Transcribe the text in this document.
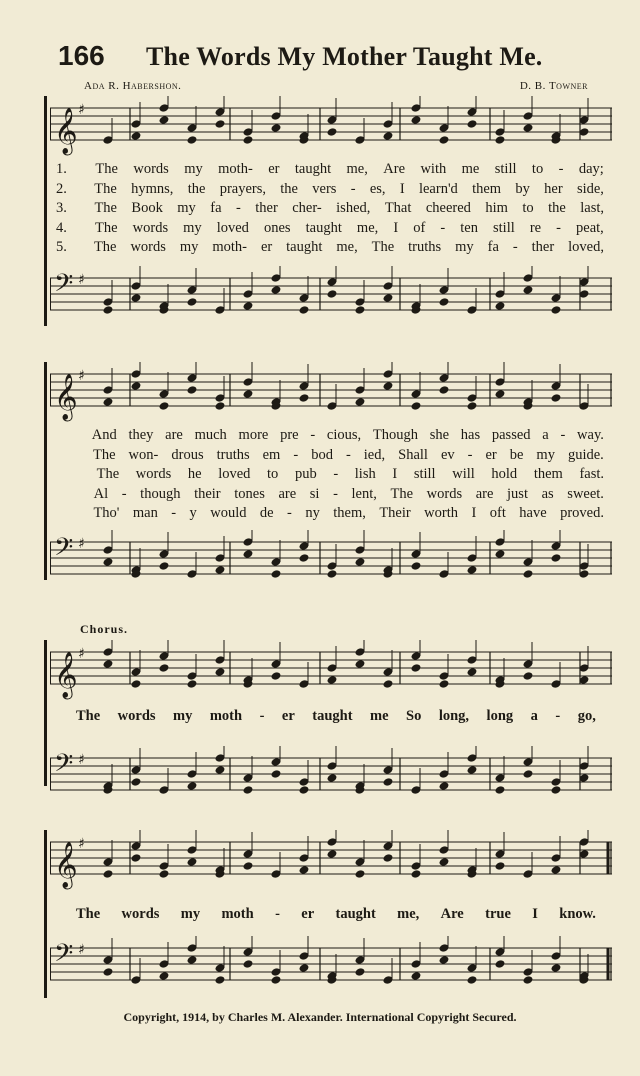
166 The Words My Mother Taught Me.
Ada R. Habershon.	D. B. Towner
𝄞 ♯
1.	The words my moth- er taught me, Are with me still to - day;
2.	The hymns, the prayers, the vers - es, I learn'd them by her side,
3.	The Book my fa - ther cher- ished, That cheered him to the last,
4.	The words my loved ones taught me, I of - ten still re - peat,
5.	The words my moth- er taught me, The truths my fa - ther loved,
𝄢 ♯
𝄞 ♯
And they are much more pre - cious, Though she has passed a - way.
The won- drous truths em - bod - ied, Shall ev - er be my guide.
The words he loved to pub - lish I still will hold them fast.
Al - though their tones are si - lent, The words are just as sweet.
Tho' man - y would de - ny them, Their worth I oft have proved.
𝄢 ♯
Chorus.
𝄞 ♯
The words my moth - er taught me So long, long a - go,
𝄢 ♯
𝄞 ♯
The words my moth - er taught me, Are true I know.
𝄢 ♯
Copyright, 1914, by Charles M. Alexander. International Copyright Secured.
